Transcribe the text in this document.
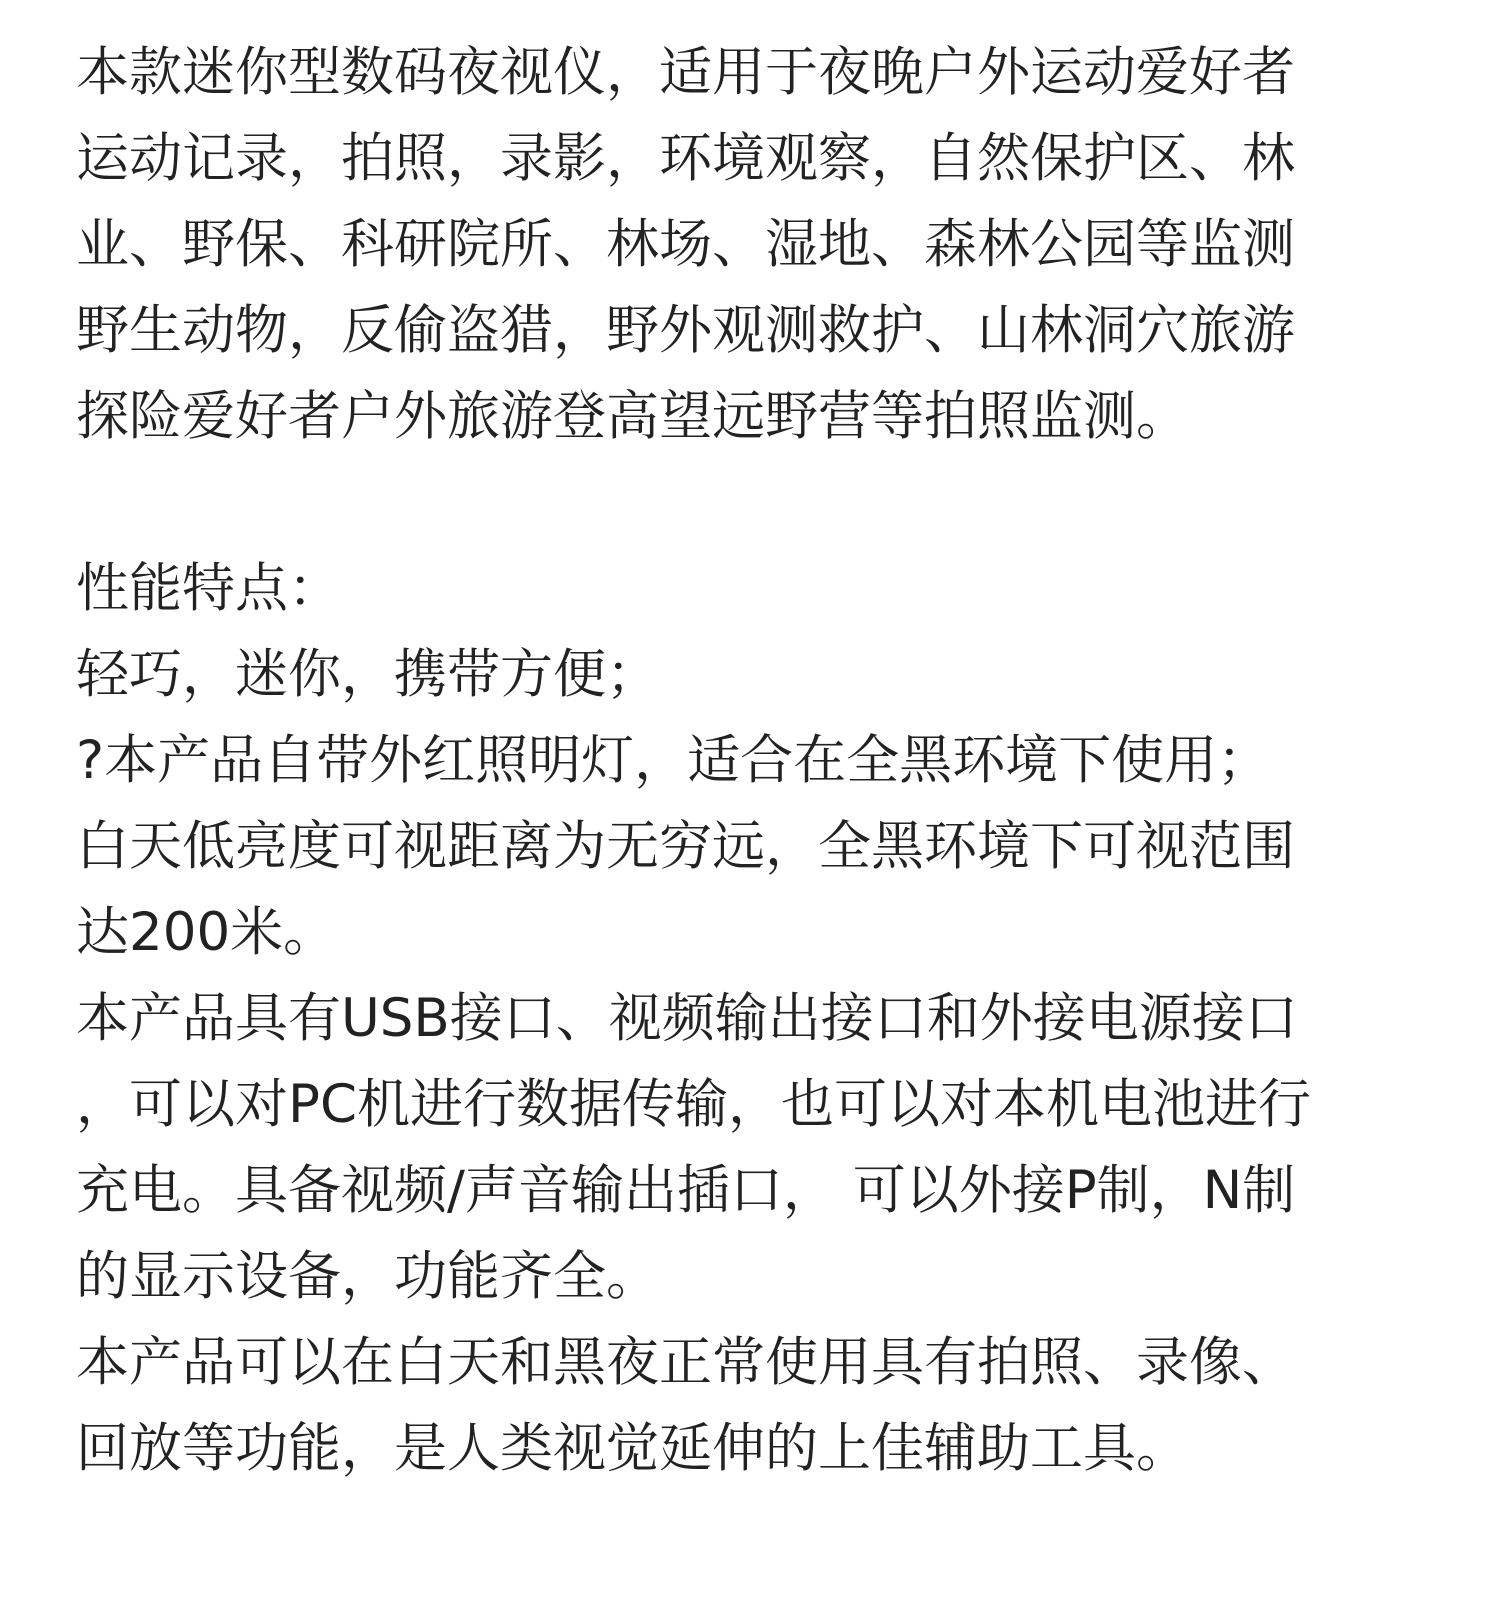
本款迷你型数码夜视仪，适用于夜晚户外运动爱好者
运动记录，拍照，录影，环境观察，自然保护区、林
业、野保、科研院所、林场、湿地、森林公园等监测
野生动物，反偷盗猎，野外观测救护、山林洞穴旅游
探险爱好者户外旅游登高望远野营等拍照监测。
性能特点：
轻巧，迷你，携带方便；
?本产品自带外红照明灯，适合在全黑环境下使用；
白天低亮度可视距离为无穷远，全黑环境下可视范围
达200米。
本产品具有USB接口、视频输出接口和外接电源接口
，可以对PC机进行数据传输，也可以对本机电池进行
充电。具备视频/声音输出插口， 可以外接P制，N制
的显示设备，功能齐全。
本产品可以在白天和黑夜正常使用具有拍照、录像、
回放等功能，是人类视觉延伸的上佳辅助工具。
